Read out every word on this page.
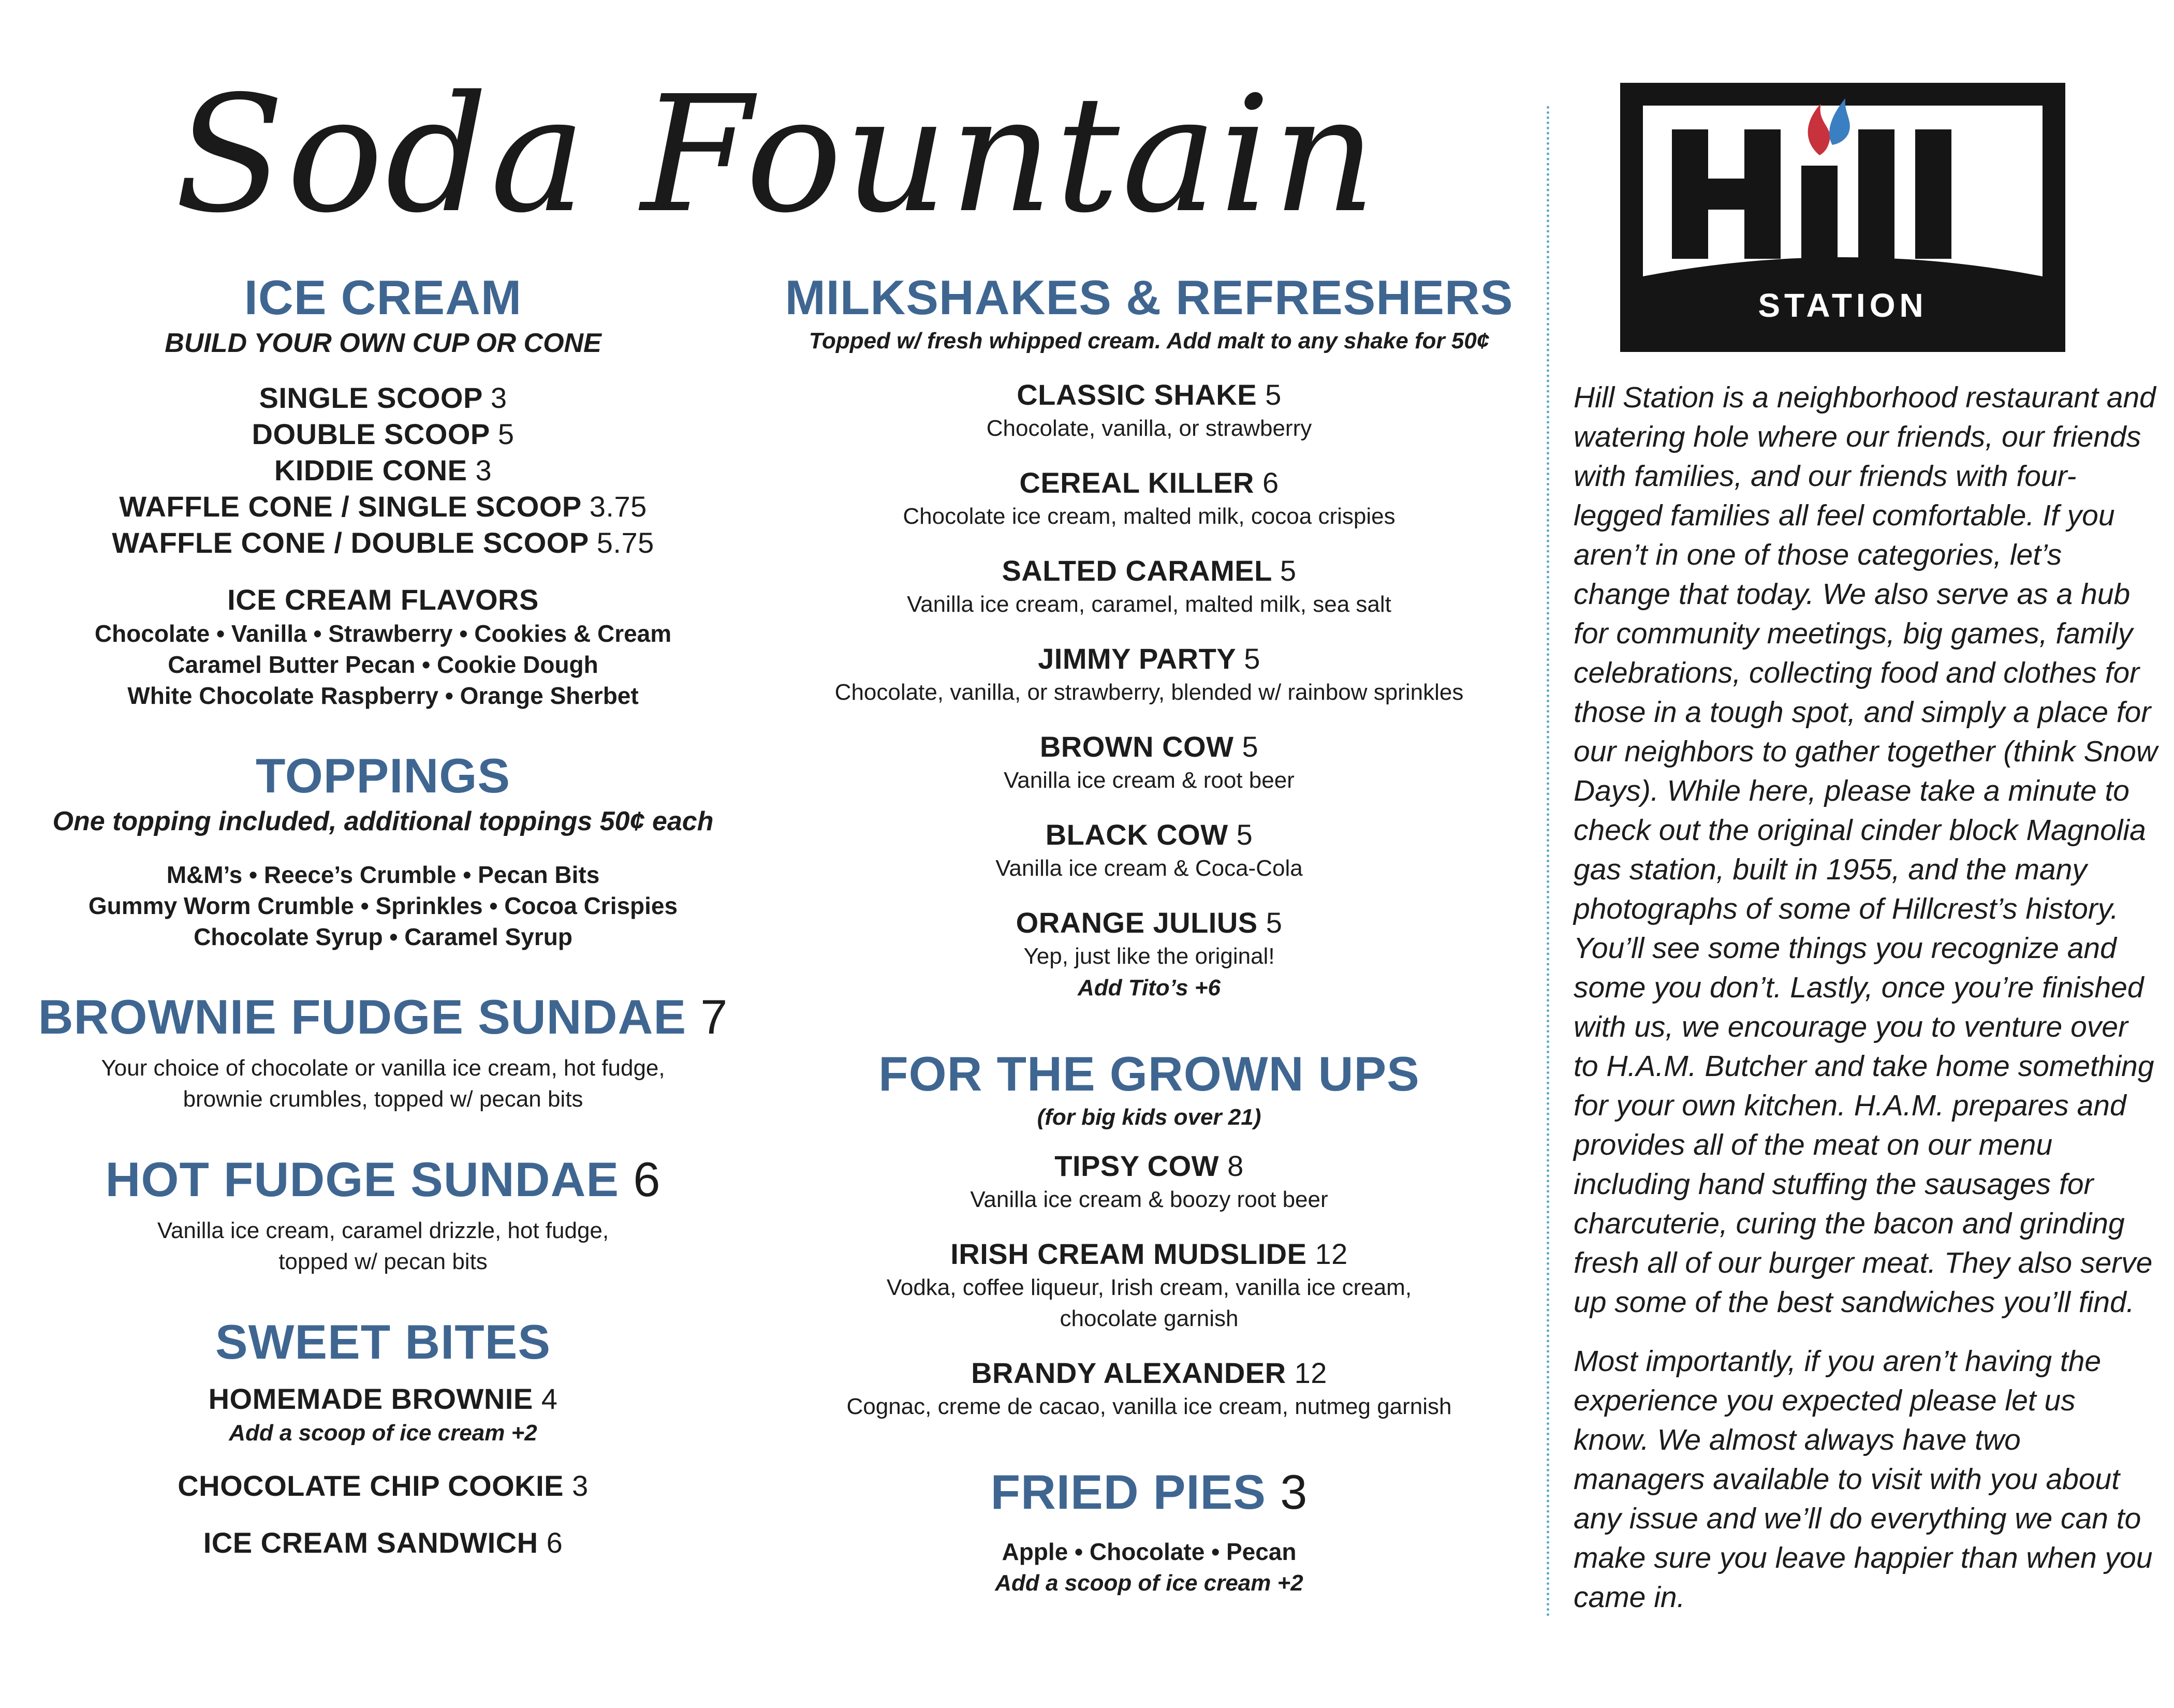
Soda Fountain

ICE CREAM

BUILD YOUR OWN CUP OR CONE

SINGLE SCOOP 3

DOUBLE SCOOP 5

KIDDIE CONE 3

WAFFLE CONE / SINGLE SCOOP 3.75

WAFFLE CONE / DOUBLE SCOOP 5.75

ICE CREAM FLAVORS

Chocolate • Vanilla • Strawberry • Cookies & Cream

Caramel Butter Pecan • Cookie Dough

White Chocolate Raspberry • Orange Sherbet

TOPPINGS

One topping included, additional toppings 50¢ each

M&M’s • Reece’s Crumble • Pecan Bits

Gummy Worm Crumble • Sprinkles • Cocoa Crispies

Chocolate Syrup • Caramel Syrup

BROWNIE FUDGE SUNDAE 7

Your choice of chocolate or vanilla ice cream, hot fudge,

brownie crumbles, topped w/ pecan bits

HOT FUDGE SUNDAE 6

Vanilla ice cream, caramel drizzle, hot fudge,

topped w/ pecan bits

SWEET BITES

HOMEMADE BROWNIE 4

Add a scoop of ice cream +2

CHOCOLATE CHIP COOKIE 3

ICE CREAM SANDWICH 6

MILKSHAKES & REFRESHERS

Topped w/ fresh whipped cream. Add malt to any shake for 50¢

CLASSIC SHAKE 5

Chocolate, vanilla, or strawberry

CEREAL KILLER 6

Chocolate ice cream, malted milk, cocoa crispies

SALTED CARAMEL 5

Vanilla ice cream, caramel, malted milk, sea salt

JIMMY PARTY 5

Chocolate, vanilla, or strawberry, blended w/ rainbow sprinkles

BROWN COW 5

Vanilla ice cream & root beer

BLACK COW 5

Vanilla ice cream & Coca-Cola

ORANGE JULIUS 5

Yep, just like the original!

Add Tito’s +6

FOR THE GROWN UPS

(for big kids over 21)

TIPSY COW 8

Vanilla ice cream & boozy root beer

IRISH CREAM MUDSLIDE 12

Vodka, coffee liqueur, Irish cream, vanilla ice cream,

chocolate garnish

BRANDY ALEXANDER 12

Cognac, creme de cacao, vanilla ice cream, nutmeg garnish

FRIED PIES 3

Apple • Chocolate • Pecan

Add a scoop of ice cream +2

STATION

Hill Station is a neighborhood restaurant and watering hole where our friends, our friends with families, and our friends with four-legged families all feel comfortable. If you aren’t in one of those categories, let’s change that today. We also serve as a hub for community meetings, big games, family celebrations, collecting food and clothes for those in a tough spot, and simply a place for our neighbors to gather together (think Snow Days). While here, please take a minute to check out the original cinder block Magnolia gas station, built in 1955, and the many photographs of some of Hillcrest’s history. You’ll see some things you recognize and some you don’t. Lastly, once you’re finished with us, we encourage you to venture over to H.A.M. Butcher and take home something for your own kitchen. H.A.M. prepares and provides all of the meat on our menu including hand stuffing the sausages for charcuterie, curing the bacon and grinding fresh all of our burger meat. They also serve up some of the best sandwiches you’ll find.

Most importantly, if you aren’t having the experience you expected please let us know. We almost always have two managers available to visit with you about any issue and we’ll do everything we can to make sure you leave happier than when you came in.
